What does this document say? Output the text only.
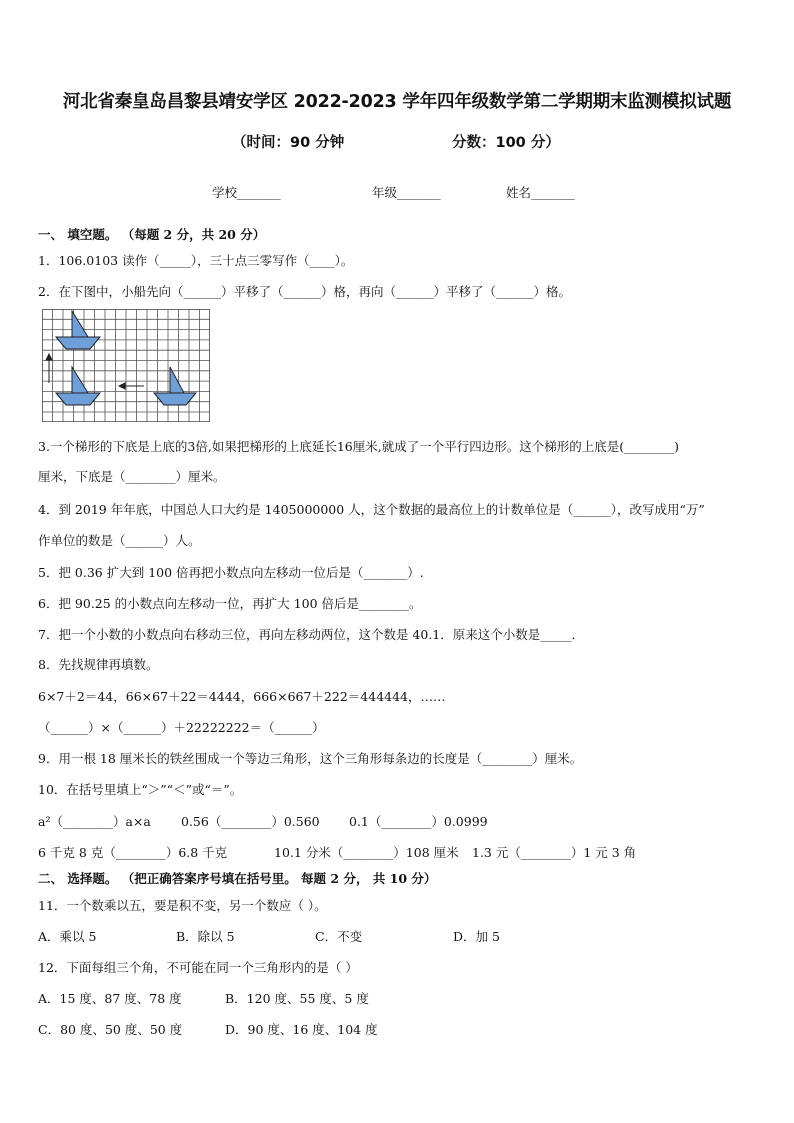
河北省秦皇岛昌黎县靖安学区 2022-2023 学年四年级数学第二学期期末监测模拟试题
（时间：90 分钟	分数：100 分）
学校_______	年级_______	姓名_______
一、 填空题。 （每题 2 分，共 20 分）
1．106.0103 读作（_____），三十点三零写作（____）。
2．在下图中，小船先向（______）平移了（______）格，再向（______）平移了（______）格。
3.一个梯形的下底是上底的3倍,如果把梯形的上底延长16厘米,就成了一个平行四边形。这个梯形的上底是(________)
厘米，下底是（________）厘米。
4．到 2019 年年底，中国总人口大约是 1405000000 人，这个数据的最高位上的计数单位是（______），改写成用“万”
作单位的数是（______）人。
5．把 0.36 扩大到 100 倍再把小数点向左移动一位后是（_______）.
6．把 90.25 的小数点向左移动一位，再扩大 100 倍后是________。
7．把一个小数的小数点向右移动三位，再向左移动两位，这个数是 40.1．原来这个小数是_____．
8．先找规律再填数。
6×7＋2＝44，66×67＋22＝4444，666×667＋222＝444444，……
（______）×（______）＋22222222＝（______）
9．用一根 18 厘米长的铁丝围成一个等边三角形，这个三角形每条边的长度是（________）厘米。
10．在括号里填上“＞”“＜”或“＝”。
a²（________）a×a 0.56（________）0.560 0.1（________）0.0999
6 千克 8 克（________）6.8 千克	10.1 分米（________）108 厘米 1.3 元（________）1 元 3 角
二、 选择题。 （把正确答案序号填在括号里。 每题 2 分， 共 10 分）
11．一个数乘以五，要是积不变，另一个数应（ ）。
A．乘以 5	B．除以 5	C．不变	D．加 5
12．下面每组三个角，不可能在同一个三角形内的是（ ）
A．15 度、87 度、78 度	B．120 度、55 度、5 度
C．80 度、50 度、50 度	D．90 度、16 度、104 度
